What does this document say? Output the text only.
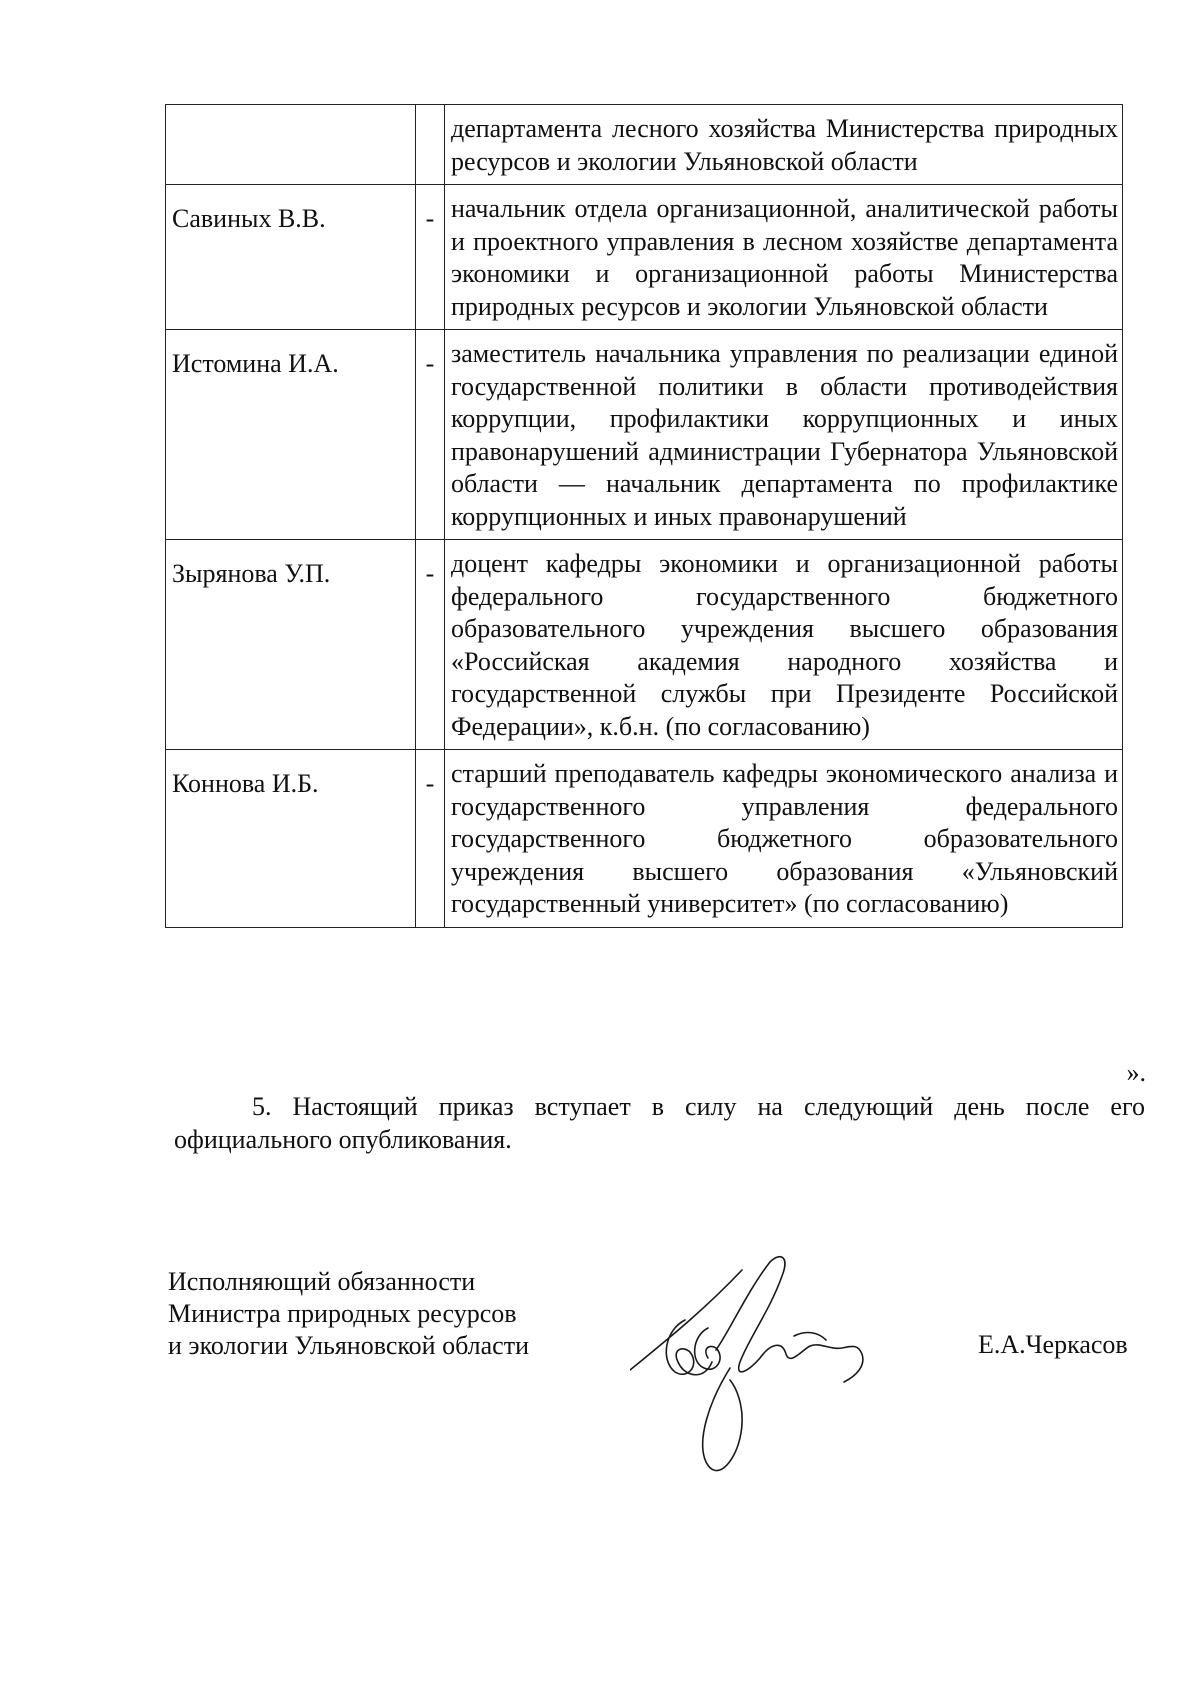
		департамента лесного хозяйства Министерства природных ресурсов и экологии Ульяновской области

Савиных В.В.	-	начальник отдела организационной, аналитической работы и проектного управления в лесном хозяйстве департамента экономики и организационной работы Министерства природных ресурсов и экологии Ульяновской области

Истомина И.А.	-	заместитель начальника управления по реализации единой государственной политики в области противодействия коррупции, профилактики коррупционных и иных правонарушений администрации Губернатора Ульяновской области — начальник департамента по профилактике коррупционных и иных правонарушений

Зырянова У.П.	-	доцент кафедры экономики и организационной работы федерального государственного бюджетного образовательного учреждения высшего образования «Российская академия народного хозяйства и государственной службы при Президенте Российской Федерации», к.б.н. (по согласованию)

Коннова И.Б.	-	старший преподаватель кафедры экономического анализа и государственного управления федерального государственного бюджетного образовательного учреждения высшего образования «Ульяновский государственный университет» (по согласованию)
».
5. Настоящий приказ вступает в силу на следующий день после его официального опубликования.
Исполняющий обязанности
Министра природных ресурсов
и экологии Ульяновской области	Е.А.Черкасов
